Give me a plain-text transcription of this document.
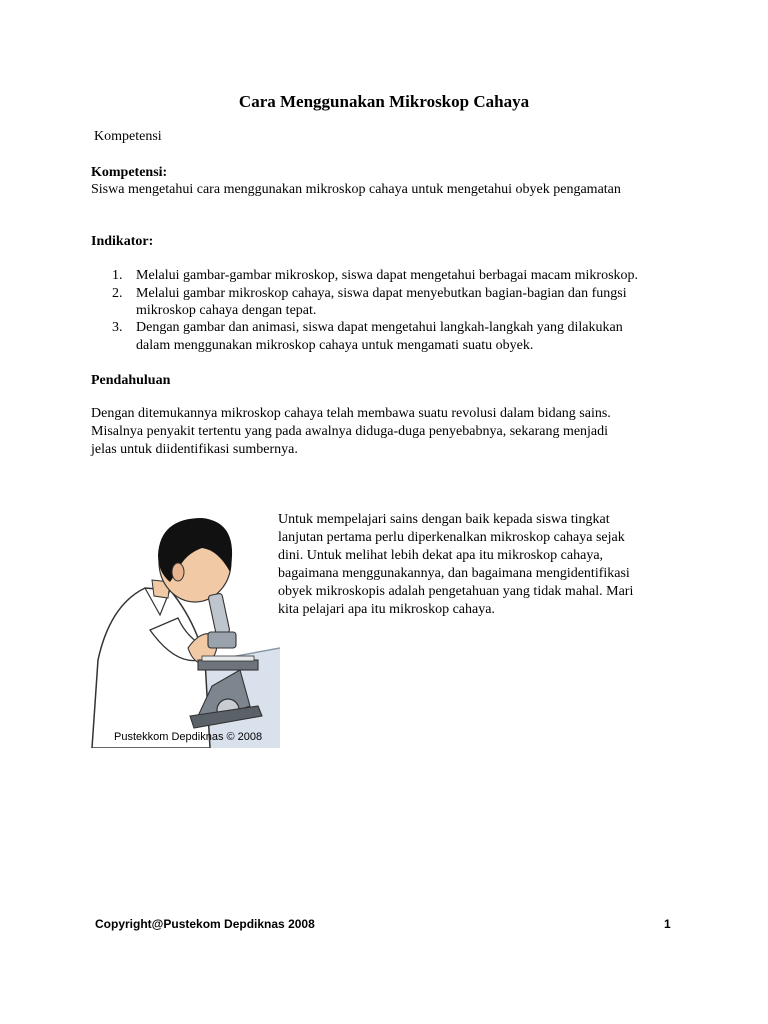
Cara Menggunakan Mikroskop Cahaya
Kompetensi
Kompetensi:
Siswa mengetahui cara menggunakan mikroskop cahaya untuk mengetahui obyek pengamatan
Indikator:
1. Melalui gambar-gambar mikroskop, siswa dapat mengetahui berbagai macam mikroskop.
2. Melalui gambar mikroskop cahaya, siswa dapat menyebutkan bagian-bagian dan fungsi
mikroskop cahaya dengan tepat.
3. Dengan gambar dan animasi, siswa dapat mengetahui langkah-langkah yang dilakukan
dalam menggunakan mikroskop cahaya untuk mengamati suatu obyek.
Pendahuluan
Dengan ditemukannya mikroskop cahaya telah membawa suatu revolusi dalam bidang sains.
Misalnya penyakit tertentu yang pada awalnya diduga-duga penyebabnya, sekarang menjadi
jelas untuk diidentifikasi sumbernya.
Pustekkom Depdiknas © 2008
Untuk mempelajari sains dengan baik kepada siswa tingkat
lanjutan pertama perlu diperkenalkan mikroskop cahaya sejak
dini. Untuk melihat lebih dekat apa itu mikroskop cahaya,
bagaimana menggunakannya, dan bagaimana mengidentifikasi
obyek mikroskopis adalah pengetahuan yang tidak mahal. Mari
kita pelajari apa itu mikroskop cahaya.
Copyright@Pustekom Depdiknas 2008	1
